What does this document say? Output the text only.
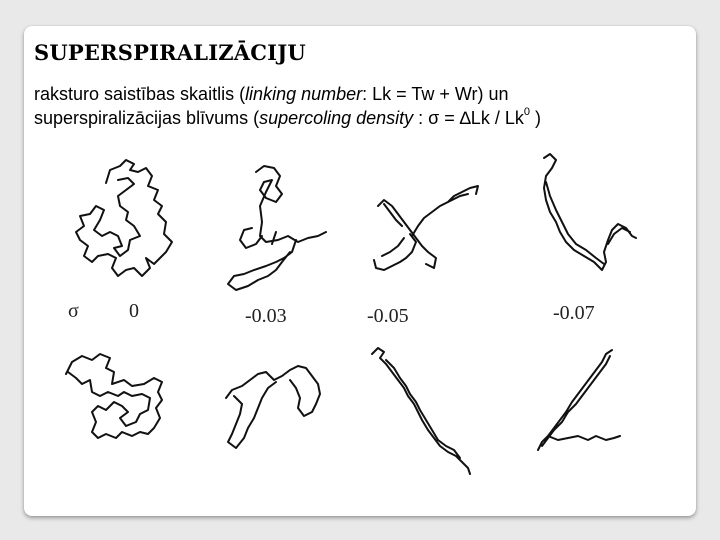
SUPERSPIRALIZĀCIJU
raksturo saistības skaitlis (linking number: Lk = Tw + Wr) un
superspiralizācijas blīvums (supercoling density : σ = ∆Lk / Lk$^0$ )
σ	0	-0.03	-0.05	-0.07
